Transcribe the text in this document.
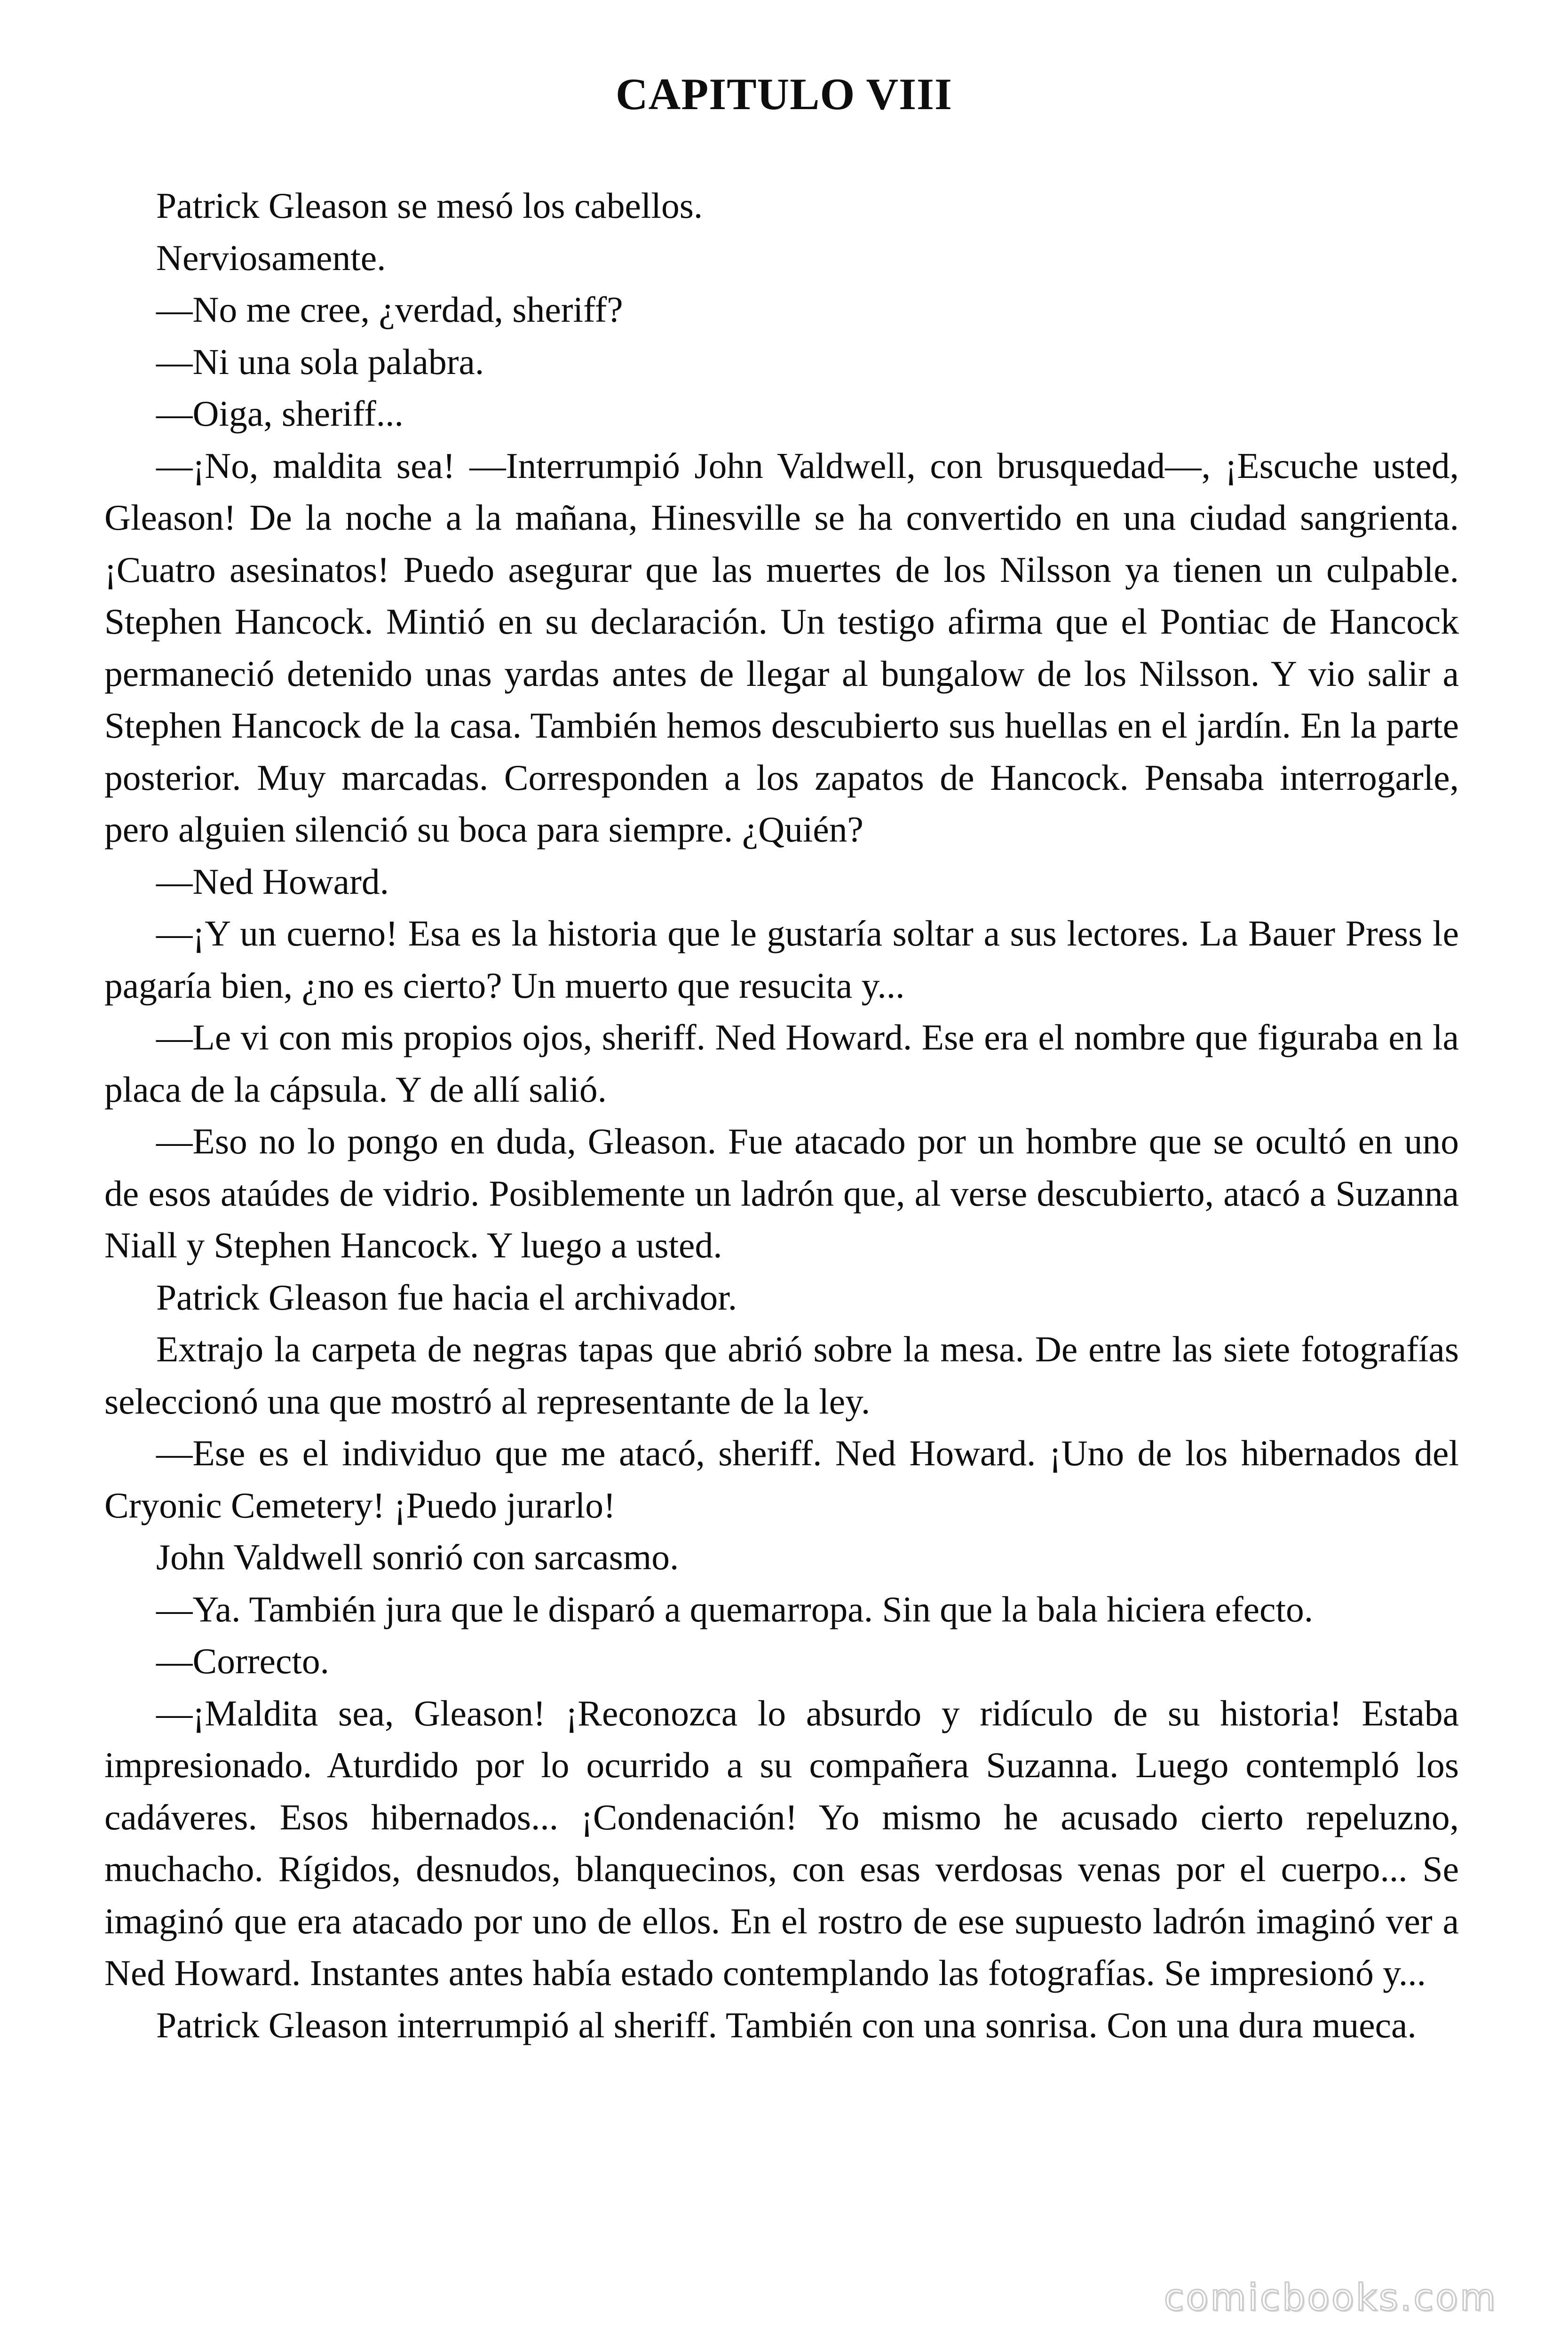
CAPITULO VIII

Patrick Gleason se mesó los cabellos.

Nerviosamente.

—No me cree, ¿verdad, sheriff?

—Ni una sola palabra.

—Oiga, sheriff...

—¡No, maldita sea! —Interrumpió John Valdwell, con brusquedad—, ¡Escuche usted, Gleason! De la noche a la mañana, Hinesville se ha convertido en una ciudad sangrienta. ¡Cuatro asesinatos! Puedo asegurar que las muertes de los Nilsson ya tienen un culpable. Stephen Hancock. Mintió en su declaración. Un testigo afirma que el Pontiac de Hancock permaneció detenido unas yardas antes de llegar al bungalow de los Nilsson. Y vio salir a Stephen Hancock de la casa. También hemos descubierto sus huellas en el jardín. En la parte posterior. Muy marcadas. Corresponden a los zapatos de Hancock. Pensaba interrogarle, pero alguien silenció su boca para siempre. ¿Quién?

—Ned Howard.

—¡Y un cuerno! Esa es la historia que le gustaría soltar a sus lectores. La Bauer Press le pagaría bien, ¿no es cierto? Un muerto que resucita y...

—Le vi con mis propios ojos, sheriff. Ned Howard. Ese era el nombre que figuraba en la placa de la cápsula. Y de allí salió.

—Eso no lo pongo en duda, Gleason. Fue atacado por un hombre que se ocultó en uno de esos ataúdes de vidrio. Posiblemente un ladrón que, al verse descubierto, atacó a Suzanna Niall y Stephen Hancock. Y luego a usted.

Patrick Gleason fue hacia el archivador.

Extrajo la carpeta de negras tapas que abrió sobre la mesa. De entre las siete fotografías seleccionó una que mostró al representante de la ley.

—Ese es el individuo que me atacó, sheriff. Ned Howard. ¡Uno de los hibernados del Cryonic Cemetery! ¡Puedo jurarlo!

John Valdwell sonrió con sarcasmo.

—Ya. También jura que le disparó a quemarropa. Sin que la bala hiciera efecto.

—Correcto.

—¡Maldita sea, Gleason! ¡Reconozca lo absurdo y ridículo de su historia! Estaba impresionado. Aturdido por lo ocurrido a su compañera Suzanna. Luego contempló los cadáveres. Esos hibernados... ¡Condenación! Yo mismo he acusado cierto repeluzno, muchacho. Rígidos, desnudos, blanquecinos, con esas verdosas venas por el cuerpo... Se imaginó que era atacado por uno de ellos. En el rostro de ese supuesto ladrón imaginó ver a Ned Howard. Instantes antes había estado contemplando las fotografías. Se impresionó y...

Patrick Gleason interrumpió al sheriff. También con una sonrisa. Con una dura mueca.

comicbooks.com
